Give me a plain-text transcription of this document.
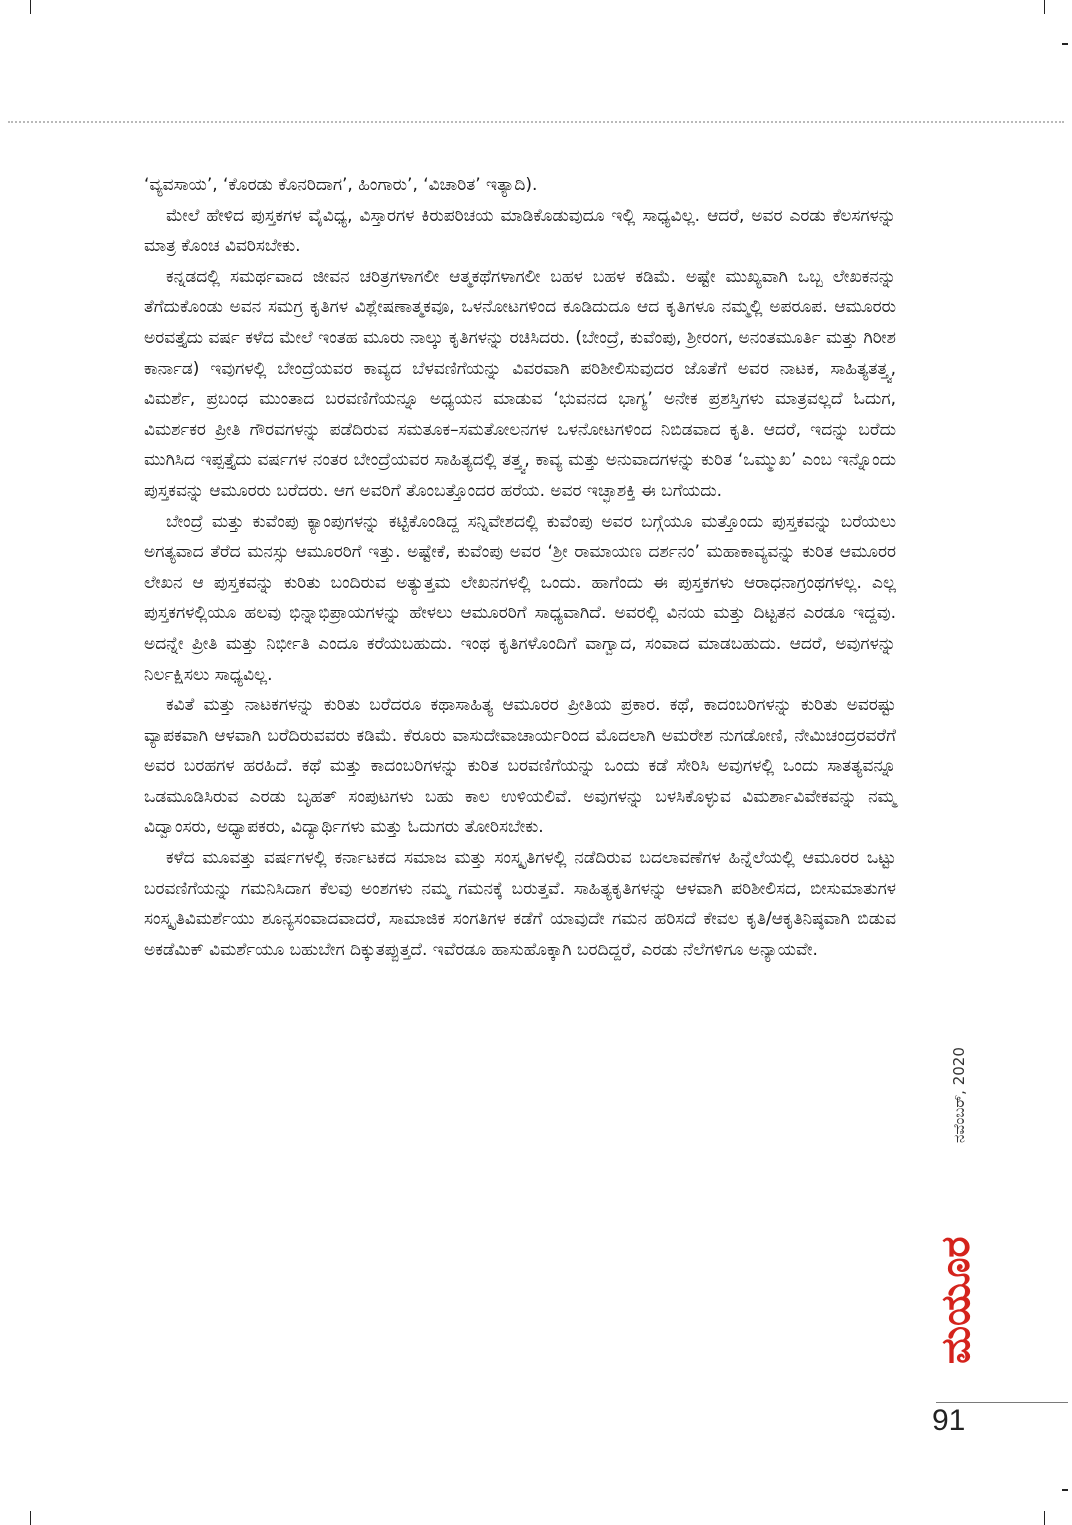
‘ವ್ಯವಸಾಯ’, ‘ಕೊರಡು ಕೊನರಿದಾಗ’, ಹಿಂಗಾರು’, ‘ವಿಚಾರಿತ’ ಇತ್ಯಾದಿ).

ಮೇಲೆ ಹೇಳಿದ ಪುಸ್ತಕಗಳ ವೈವಿಧ್ಯ, ವಿಸ್ತಾರಗಳ ಕಿರುಪರಿಚಯ ಮಾಡಿಕೊಡುವುದೂ ಇಲ್ಲಿ ಸಾಧ್ಯವಿಲ್ಲ. ಆದರೆ, ಅವರ ಎರಡು ಕೆಲಸಗಳನ್ನು ಮಾತ್ರ ಕೊಂಚ ವಿವರಿಸಬೇಕು.

ಕನ್ನಡದಲ್ಲಿ ಸಮರ್ಥವಾದ ಜೀವನ ಚರಿತ್ರಗಳಾಗಲೀ ಆತ್ಮಕಥೆಗಳಾಗಲೀ ಬಹಳ ಬಹಳ ಕಡಿಮೆ. ಅಷ್ಟೇ ಮುಖ್ಯವಾಗಿ ಒಬ್ಬ ಲೇಖಕನನ್ನು ತೆಗೆದುಕೊಂಡು ಅವನ ಸಮಗ್ರ ಕೃತಿಗಳ ವಿಶ್ಲೇಷಣಾತ್ಮಕವೂ, ಒಳನೋಟಗಳಿಂದ ಕೂಡಿದುದೂ ಆದ ಕೃತಿಗಳೂ ನಮ್ಮಲ್ಲಿ ಅಪರೂಪ. ಆಮೂರರು ಅರವತ್ತೈದು ವರ್ಷ ಕಳೆದ ಮೇಲೆ ಇಂತಹ ಮೂರು ನಾಲ್ಕು ಕೃತಿಗಳನ್ನು ರಚಿಸಿದರು. (ಬೇಂದ್ರೆ, ಕುವೆಂಪು, ಶ್ರೀರಂಗ, ಅನಂತಮೂರ್ತಿ ಮತ್ತು ಗಿರೀಶ ಕಾರ್ನಾಡ) ಇವುಗಳಲ್ಲಿ ಬೇಂದ್ರೆಯವರ ಕಾವ್ಯದ ಬೆಳವಣಿಗೆಯನ್ನು ವಿವರವಾಗಿ ಪರಿಶೀಲಿಸುವುದರ ಜೊತೆಗೆ ಅವರ ನಾಟಕ, ಸಾಹಿತ್ಯತತ್ತ್ವ, ವಿಮರ್ಶೆ, ಪ್ರಬಂಧ ಮುಂತಾದ ಬರವಣಿಗೆಯನ್ನೂ ಅಧ್ಯಯನ ಮಾಡುವ ‘ಭುವನದ ಭಾಗ್ಯ’ ಅನೇಕ ಪ್ರಶಸ್ತಿಗಳು ಮಾತ್ರವಲ್ಲದೆ ಓದುಗ, ವಿಮರ್ಶಕರ ಪ್ರೀತಿ ಗೌರವಗಳನ್ನು ಪಡೆದಿರುವ ಸಮತೂಕ–ಸಮತೋಲನಗಳ ಒಳನೋಟಗಳಿಂದ ನಿಬಿಡವಾದ ಕೃತಿ. ಆದರೆ, ಇದನ್ನು ಬರೆದು ಮುಗಿಸಿದ ಇಪ್ಪತ್ತೈದು ವರ್ಷಗಳ ನಂತರ ಬೇಂದ್ರೆಯವರ ಸಾಹಿತ್ಯದಲ್ಲಿ ತತ್ತ್ವ, ಕಾವ್ಯ ಮತ್ತು ಅನುವಾದಗಳನ್ನು ಕುರಿತ ‘ಒಮ್ಮುಖ’ ಎಂಬ ಇನ್ನೊಂದು ಪುಸ್ತಕವನ್ನು ಆಮೂರರು ಬರೆದರು. ಆಗ ಅವರಿಗೆ ತೊಂಬತ್ತೊಂದರ ಹರೆಯ. ಅವರ ಇಚ್ಛಾಶಕ್ತಿ ಈ ಬಗೆಯದು.

ಬೇಂದ್ರೆ ಮತ್ತು ಕುವೆಂಪು ಕ್ಯಾಂಪುಗಳನ್ನು ಕಟ್ಟಿಕೊಂಡಿದ್ದ ಸನ್ನಿವೇಶದಲ್ಲಿ ಕುವೆಂಪು ಅವರ ಬಗ್ಗೆಯೂ ಮತ್ತೊಂದು ಪುಸ್ತಕವನ್ನು ಬರೆಯಲು ಅಗತ್ಯವಾದ ತೆರೆದ ಮನಸ್ಸು ಆಮೂರರಿಗೆ ಇತ್ತು. ಅಷ್ಟೇಕೆ, ಕುವೆಂಪು ಅವರ ‘ಶ್ರೀ ರಾಮಾಯಣ ದರ್ಶನಂ’ ಮಹಾಕಾವ್ಯವನ್ನು ಕುರಿತ ಆಮೂರರ ಲೇಖನ ಆ ಪುಸ್ತಕವನ್ನು ಕುರಿತು ಬಂದಿರುವ ಅತ್ಯುತ್ತಮ ಲೇಖನಗಳಲ್ಲಿ ಒಂದು. ಹಾಗೆಂದು ಈ ಪುಸ್ತಕಗಳು ಆರಾಧನಾಗ್ರಂಥಗಳಲ್ಲ. ಎಲ್ಲ ಪುಸ್ತಕಗಳಲ್ಲಿಯೂ ಹಲವು ಭಿನ್ನಾಭಿಪ್ರಾಯಗಳನ್ನು ಹೇಳಲು ಆಮೂರರಿಗೆ ಸಾಧ್ಯವಾಗಿದೆ. ಅವರಲ್ಲಿ ವಿನಯ ಮತ್ತು ದಿಟ್ಟತನ ಎರಡೂ ಇದ್ದವು. ಅದನ್ನೇ ಪ್ರೀತಿ ಮತ್ತು ನಿರ್ಭೀತಿ ಎಂದೂ ಕರೆಯಬಹುದು. ಇಂಥ ಕೃತಿಗಳೊಂದಿಗೆ ವಾಗ್ವಾದ, ಸಂವಾದ ಮಾಡಬಹುದು. ಆದರೆ, ಅವುಗಳನ್ನು ನಿರ್ಲಕ್ಷಿಸಲು ಸಾಧ್ಯವಿಲ್ಲ.

ಕವಿತೆ ಮತ್ತು ನಾಟಕಗಳನ್ನು ಕುರಿತು ಬರೆದರೂ ಕಥಾಸಾಹಿತ್ಯ ಆಮೂರರ ಪ್ರೀತಿಯ ಪ್ರಕಾರ. ಕಥೆ, ಕಾದಂಬರಿಗಳನ್ನು ಕುರಿತು ಅವರಷ್ಟು ವ್ಯಾಪಕವಾಗಿ ಆಳವಾಗಿ ಬರೆದಿರುವವರು ಕಡಿಮೆ. ಕೆರೂರು ವಾಸುದೇವಾಚಾರ್ಯರಿಂದ ಮೊದಲಾಗಿ ಅಮರೇಶ ನುಗಡೋಣಿ, ನೇಮಿಚಂದ್ರರವರೆಗೆ ಅವರ ಬರಹಗಳ ಹರಹಿದೆ. ಕಥೆ ಮತ್ತು ಕಾದಂಬರಿಗಳನ್ನು ಕುರಿತ ಬರವಣಿಗೆಯನ್ನು ಒಂದು ಕಡೆ ಸೇರಿಸಿ ಅವುಗಳಲ್ಲಿ ಒಂದು ಸಾತತ್ಯವನ್ನೂ ಒಡಮೂಡಿಸಿರುವ ಎರಡು ಬೃಹತ್ ಸಂಪುಟಗಳು ಬಹು ಕಾಲ ಉಳಿಯಲಿವೆ. ಅವುಗಳನ್ನು ಬಳಸಿಕೊಳ್ಳುವ ವಿಮರ್ಶಾವಿವೇಕವನ್ನು ನಮ್ಮ ವಿದ್ವಾಂಸರು, ಅಧ್ಯಾಪಕರು, ವಿದ್ಯಾರ್ಥಿಗಳು ಮತ್ತು ಓದುಗರು ತೋರಿಸಬೇಕು.

ಕಳೆದ ಮೂವತ್ತು ವರ್ಷಗಳಲ್ಲಿ ಕರ್ನಾಟಕದ ಸಮಾಜ ಮತ್ತು ಸಂಸ್ಕೃತಿಗಳಲ್ಲಿ ನಡೆದಿರುವ ಬದಲಾವಣೆಗಳ ಹಿನ್ನೆಲೆಯಲ್ಲಿ ಆಮೂರರ ಒಟ್ಟು ಬರವಣಿಗೆಯನ್ನು ಗಮನಿಸಿದಾಗ ಕೆಲವು ಅಂಶಗಳು ನಮ್ಮ ಗಮನಕ್ಕೆ ಬರುತ್ತವೆ. ಸಾಹಿತ್ಯಕೃತಿಗಳನ್ನು ಆಳವಾಗಿ ಪರಿಶೀಲಿಸದ, ಬೀಸುಮಾತುಗಳ ಸಂಸ್ಕೃತಿವಿಮರ್ಶೆಯು ಶೂನ್ಯಸಂವಾದವಾದರೆ, ಸಾಮಾಜಿಕ ಸಂಗತಿಗಳ ಕಡೆಗೆ ಯಾವುದೇ ಗಮನ ಹರಿಸದೆ ಕೇವಲ ಕೃತಿ/ಆಕೃತಿನಿಷ್ಠವಾಗಿ ಬಿಡುವ ಅಕಡೆಮಿಕ್ ವಿಮರ್ಶೆಯೂ ಬಹುಬೇಗ ದಿಕ್ಕುತಪ್ಪುತ್ತದೆ. ಇವೆರಡೂ ಹಾಸುಹೊಕ್ಕಾಗಿ ಬರದಿದ್ದರೆ, ಎರಡು ನೆಲೆಗಳಿಗೂ ಅನ್ಯಾಯವೇ.

ನವೆಂಬರ್, 2020
ಮಯೂರ
91
